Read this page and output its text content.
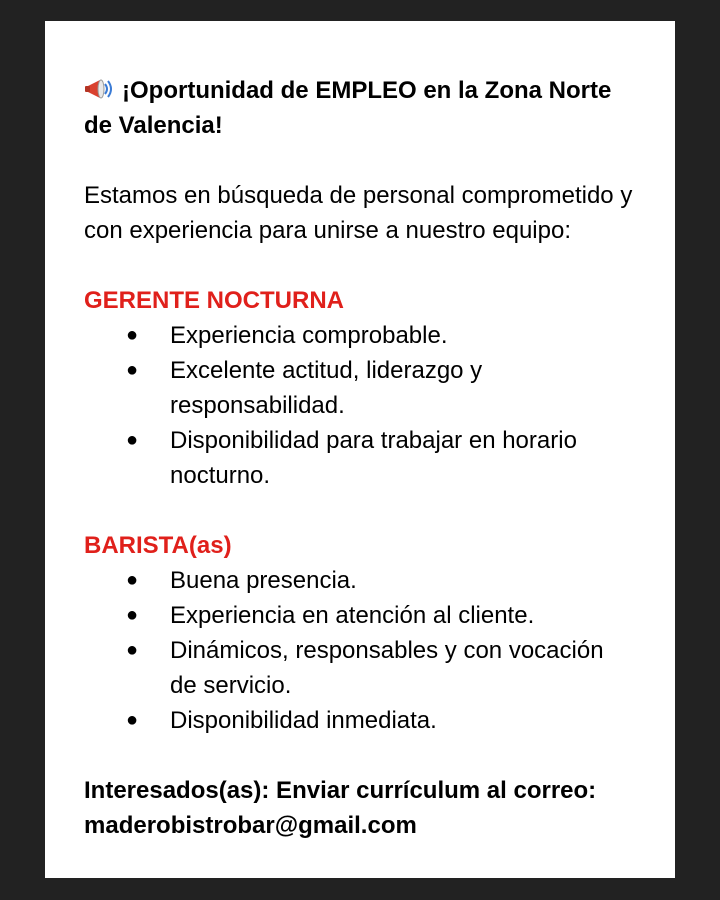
¡Oportunidad de EMPLEO en la Zona Norte de Valencia!

Estamos en búsqueda de personal comprometido y con experiencia para unirse a nuestro equipo:

GERENTE NOCTURNA

● Experiencia comprobable.
● Excelente actitud, liderazgo y responsabilidad.
● Disponibilidad para trabajar en horario nocturno.

BARISTA(as)

● Buena presencia.
● Experiencia en atención al cliente.
● Dinámicos, responsables y con vocación de servicio.
● Disponibilidad inmediata.

Interesados(as): Enviar currículum al correo: maderobistrobar@gmail.com
